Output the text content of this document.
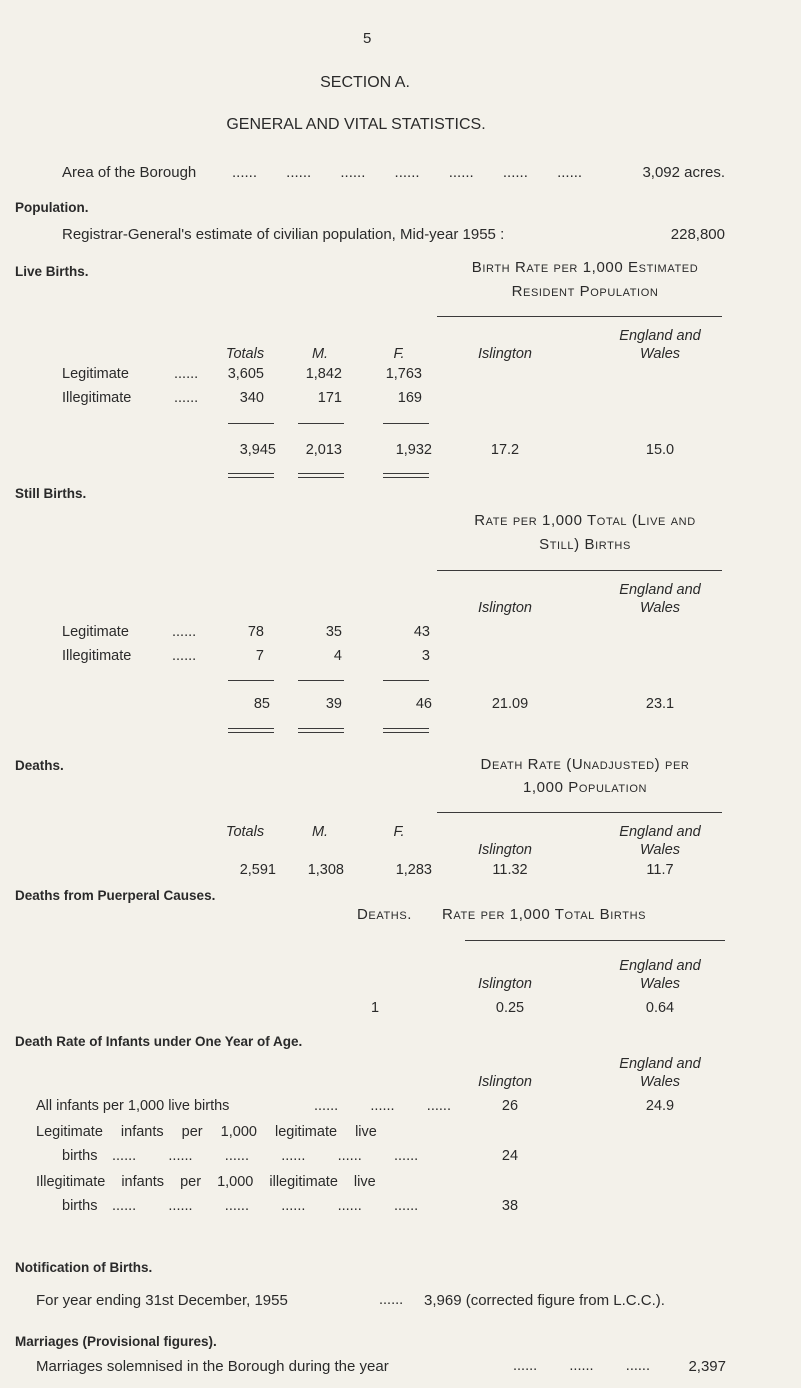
5
SECTION A.
GENERAL AND VITAL STATISTICS.
Area of the Borough ......       ......       ......       ......       ......       ......       ......	3,092 acres.
Population.
Registrar-General's estimate of civilian population, Mid-year 1955 :	228,800
Live Births.	Birth Rate per 1,000 Estimated
Resident Population
Totals	M.	F.	Islington
England and
Wales
Legitimate	......	3,605	1,842	1,763
Illegitimate	......	340	171	169
3,945	2,013	1,932	17.2	15.0
Still Births.
Rate per 1,000 Total (Live and
Still) Births
Islington
England and
Wales
Legitimate	......	78	35	43
Illegitimate	......	7	4	3
85	39	46	21.09	23.1
Deaths.	Death Rate (Unadjusted) per
1,000 Population
Totals	M.	F.
Islington
England and
Wales
2,591	1,308	1,283	11.32	11.7
Deaths from Puerperal Causes.
Deaths. Rate per 1,000 Total Births
Islington
England and
Wales
1	0.25	0.64
Death Rate of Infants under One Year of Age.
Islington
England and
Wales
All infants per 1,000 live births	......        ......        ......	26	24.9
Legitimate infants per 1,000 legitimate live
births ......        ......        ......        ......        ......        ......	24
Illegitimate infants per 1,000 illegitimate live
births ......        ......        ......        ......        ......        ......	38
Notification of Births.
For year ending 31st December, 1955	...... 3,969 (corrected figure from L.C.C.).
Marriages (Provisional figures).
Marriages solemnised in the Borough during the year	......        ......        ......	2,397
